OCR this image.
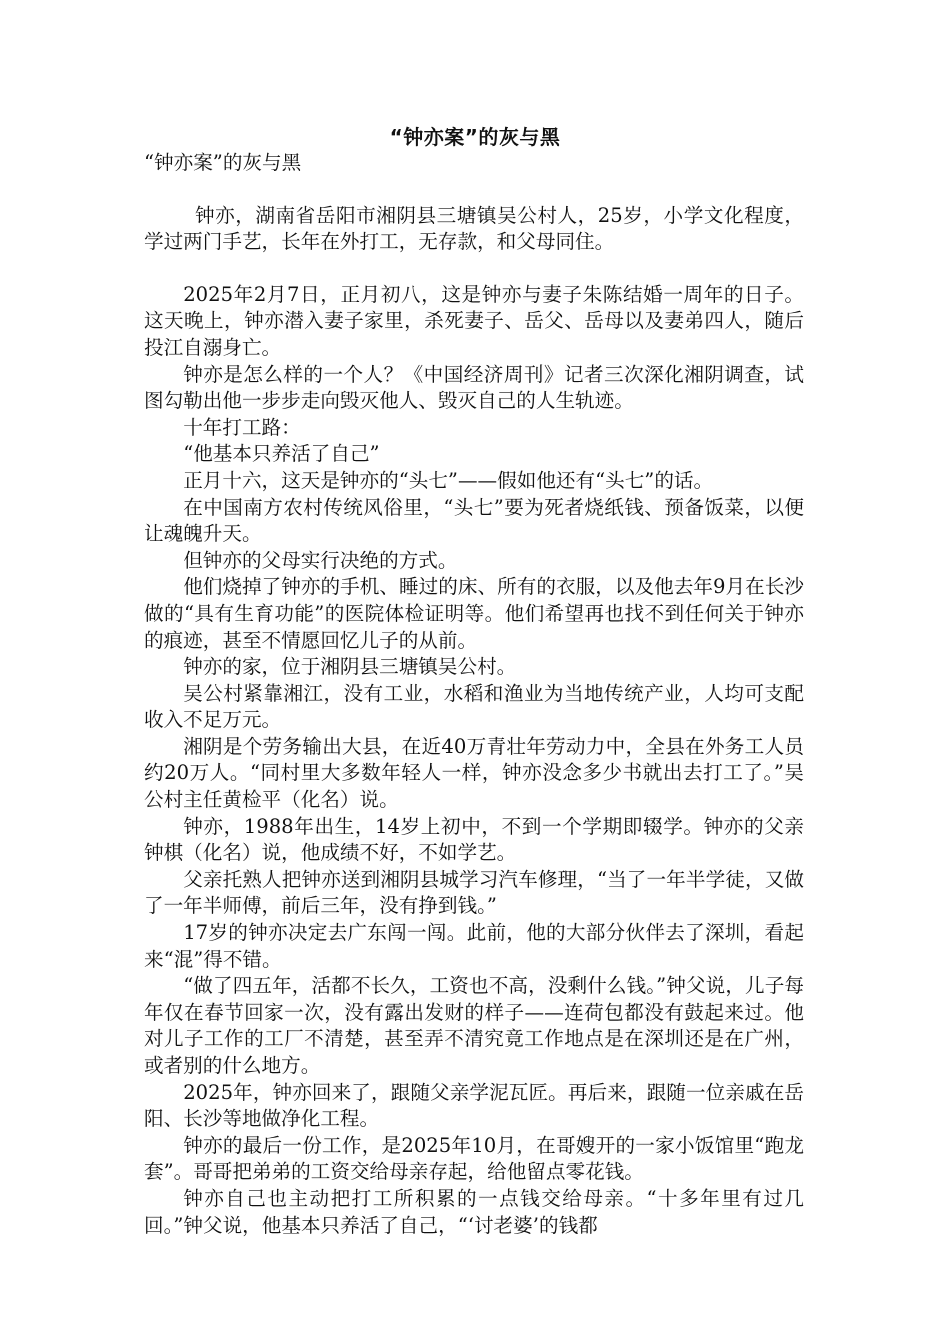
“钟亦案”的灰与黑

“钟亦案”的灰与黑

钟亦，湖南省岳阳市湘阴县三塘镇吴公村人，25岁，小学文化程度，学过两门手艺，长年在外打工，无存款，和父母同住。

2025年2月7日，正月初八，这是钟亦与妻子朱陈结婚一周年的日子。这天晚上，钟亦潜入妻子家里，杀死妻子、岳父、岳母以及妻弟四人，随后投江自溺身亡。

钟亦是怎么样的一个人？《中国经济周刊》记者三次深化湘阴调查，试图勾勒出他一步步走向毁灭他人、毁灭自己的人生轨迹。

十年打工路：

“他基本只养活了自己”

正月十六，这天是钟亦的“头七”——假如他还有“头七”的话。

在中国南方农村传统风俗里，“头七”要为死者烧纸钱、预备饭菜，以便让魂魄升天。

但钟亦的父母实行决绝的方式。

他们烧掉了钟亦的手机、睡过的床、所有的衣服，以及他去年9月在长沙做的“具有生育功能”的医院体检证明等。他们希望再也找不到任何关于钟亦的痕迹，甚至不情愿回忆儿子的从前。

钟亦的家，位于湘阴县三塘镇吴公村。

吴公村紧靠湘江，没有工业，水稻和渔业为当地传统产业，人均可支配收入不足万元。

湘阴是个劳务输出大县，在近40万青壮年劳动力中，全县在外务工人员约20万人。“同村里大多数年轻人一样，钟亦没念多少书就出去打工了。”吴公村主任黄检平（化名）说。

钟亦，1988年出生，14岁上初中，不到一个学期即辍学。钟亦的父亲钟棋（化名）说，他成绩不好，不如学艺。

父亲托熟人把钟亦送到湘阴县城学习汽车修理，“当了一年半学徒，又做了一年半师傅，前后三年，没有挣到钱。”

17岁的钟亦决定去广东闯一闯。此前，他的大部分伙伴去了深圳，看起来“混”得不错。

“做了四五年，活都不长久，工资也不高，没剩什么钱。”钟父说，儿子每年仅在春节回家一次，没有露出发财的样子——连荷包都没有鼓起来过。他对儿子工作的工厂不清楚，甚至弄不清究竟工作地点是在深圳还是在广州，或者别的什么地方。

2025年，钟亦回来了，跟随父亲学泥瓦匠。再后来，跟随一位亲戚在岳阳、长沙等地做净化工程。

钟亦的最后一份工作，是2025年10月，在哥嫂开的一家小饭馆里“跑龙套”。哥哥把弟弟的工资交给母亲存起，给他留点零花钱。

钟亦自己也主动把打工所积累的一点钱交给母亲。“十多年里有过几回。”钟父说，他基本只养活了自己，“‘讨老婆’的钱都
